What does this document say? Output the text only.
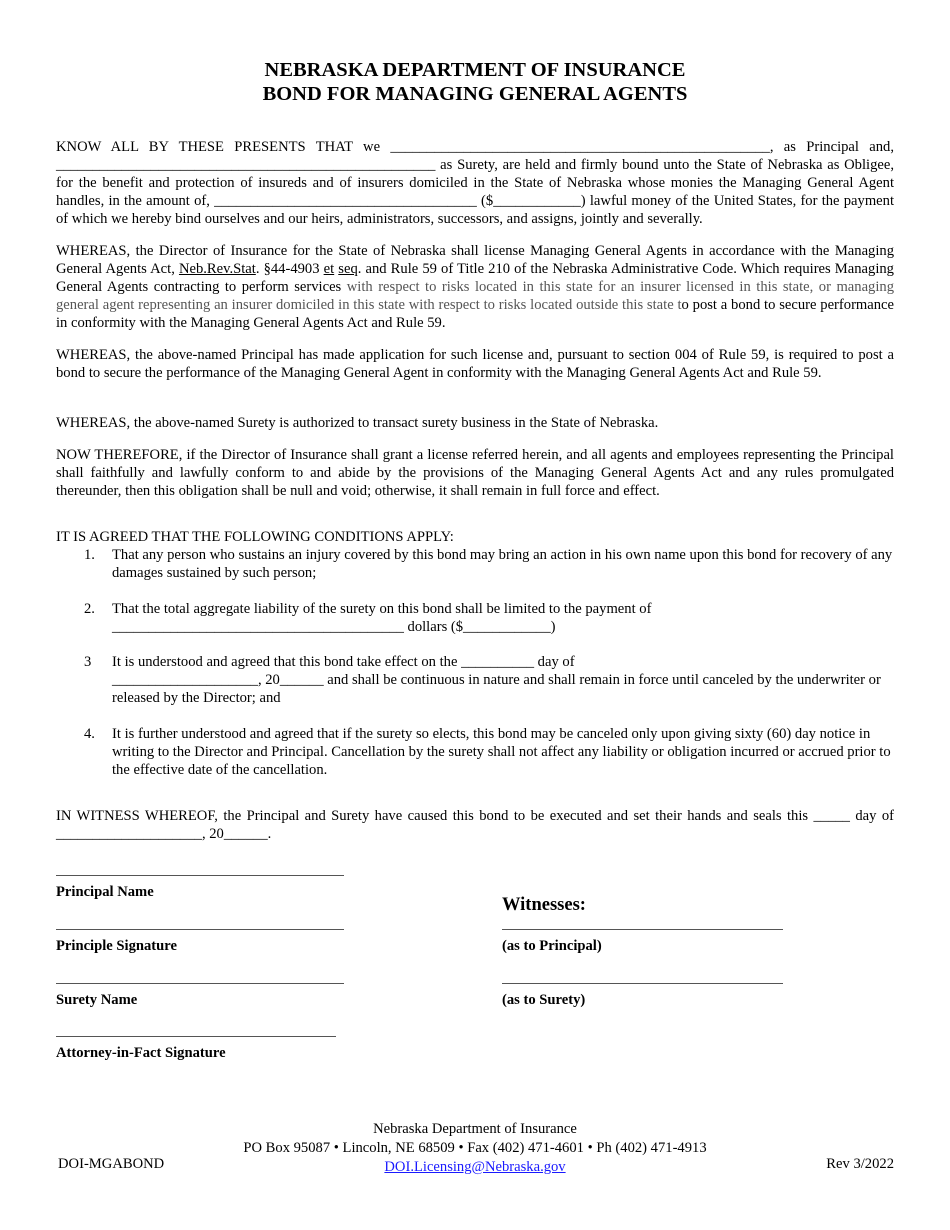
NEBRASKA DEPARTMENT OF INSURANCE
BOND FOR MANAGING GENERAL AGENTS

KNOW ALL BY THESE PRESENTS THAT we ____________________________________________________, as Principal and, ____________________________________________________ as Surety, are held and firmly bound unto the State of Nebraska as Obligee, for the benefit and protection of insureds and of insurers domiciled in the State of Nebraska whose monies the Managing General Agent handles, in the amount of, ____________________________________ ($____________) lawful money of the United States, for the payment of which we hereby bind ourselves and our heirs, administrators, successors, and assigns, jointly and severally.

WHEREAS, the Director of Insurance for the State of Nebraska shall license Managing General Agents in accordance with the Managing General Agents Act, Neb.Rev.Stat. §44-4903 et seq. and Rule 59 of Title 210 of the Nebraska Administrative Code. Which requires Managing General Agents contracting to perform services with respect to risks located in this state for an insurer licensed in this state, or managing general agent representing an insurer domiciled in this state with respect to risks located outside this state to post a bond to secure performance in conformity with the Managing General Agents Act and Rule 59.

WHEREAS, the above-named Principal has made application for such license and, pursuant to section 004 of Rule 59, is required to post a bond to secure the performance of the Managing General Agent in conformity with the Managing General Agents Act and Rule 59.

WHEREAS, the above-named Surety is authorized to transact surety business in the State of Nebraska.

NOW THEREFORE, if the Director of Insurance shall grant a license referred herein, and all agents and employees representing the Principal shall faithfully and lawfully conform to and abide by the provisions of the Managing General Agents Act and any rules promulgated thereunder, then this obligation shall be null and void; otherwise, it shall remain in full force and effect.

IT IS AGREED THAT THE FOLLOWING CONDITIONS APPLY:
1. That any person who sustains an injury covered by this bond may bring an action in his own name upon this bond for recovery of any damages sustained by such person;
2. That the total aggregate liability of the surety on this bond shall be limited to the payment of
________________________________________ dollars ($____________)
3 It is understood and agreed that this bond take effect on the __________ day of
____________________, 20______ and shall be continuous in nature and shall remain in force until canceled by the underwriter or released by the Director; and
4. It is further understood and agreed that if the surety so elects, this bond may be canceled only upon giving sixty (60) day notice in writing to the Director and Principal. Cancellation by the surety shall not affect any liability or obligation incurred or accrued prior to the effective date of the cancellation.

IN WITNESS WHEREOF, the Principal and Surety have caused this bond to be executed and set their hands and seals this _____ day of ____________________, 20______.

Principal Name
Principle Signature
Surety Name
Attorney-in-Fact Signature
Witnesses:
(as to Principal)
(as to Surety)
Nebraska Department of Insurance
PO Box 95087 • Lincoln, NE 68509 • Fax (402) 471-4601 • Ph (402) 471-4913
DOI.Licensing@Nebraska.gov
DOI-MGABOND	Rev 3/2022
